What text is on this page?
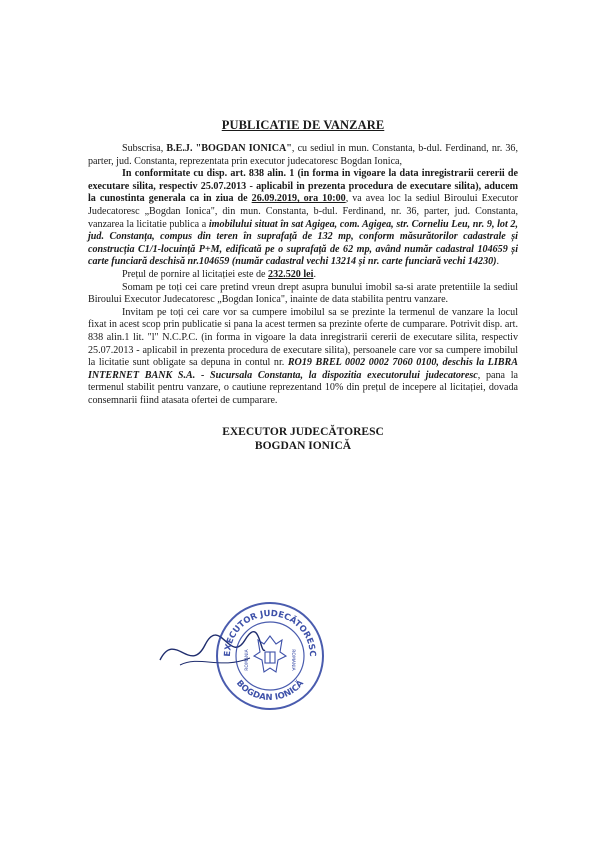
PUBLICATIE DE VANZARE

Subscrisa, B.E.J. "BOGDAN IONICA", cu sediul in mun. Constanta, b-dul. Ferdinand, nr. 36, parter, jud. Constanta, reprezentata prin executor judecatoresc Bogdan Ionica,

In conformitate cu disp. art. 838 alin. 1 (in forma in vigoare la data inregistrarii cererii de executare silita, respectiv 25.07.2013 - aplicabil in prezenta procedura de executare silita), aducem la cunostinta generala ca in ziua de 26.09.2019, ora 10:00, va avea loc la sediul Biroului Executor Judecatoresc „Bogdan Ionica", din mun. Constanta, b-dul. Ferdinand, nr. 36, parter, jud. Constanta, vanzarea la licitatie publica a imobilului situat în sat Agigea, com. Agigea, str. Corneliu Leu, nr. 9, lot 2, jud. Constanța, compus din teren în suprafață de 132 mp, conform măsurătorilor cadastrale și construcția C1/1-locuință P+M, edificată pe o suprafață de 62 mp, având număr cadastral 104659 și carte funciară deschisă nr.104659 (număr cadastral vechi 13214 și nr. carte funciară vechi 14230).

Prețul de pornire al licitației este de 232.520 lei.

Somam pe toți cei care pretind vreun drept asupra bunului imobil sa-si arate pretentiile la sediul Biroului Executor Judecatoresc „Bogdan Ionica", inainte de data stabilita pentru vanzare.

Invitam pe toți cei care vor sa cumpere imobilul sa se prezinte la termenul de vanzare la locul fixat in acest scop prin publicatie si pana la acest termen sa prezinte oferte de cumparare. Potrivit disp. art. 838 alin.1 lit. "l" N.C.P.C. (in forma in vigoare la data inregistrarii cererii de executare silita, respectiv 25.07.2013 - aplicabil in prezenta procedura de executare silita), persoanele care vor sa cumpere imobilul la licitatie sunt obligate sa depuna in contul nr. RO19 BREL 0002 0002 7060 0100, deschis la LIBRA INTERNET BANK S.A. - Sucursala Constanta, la dispozitia executorului judecatoresc, pana la termenul stabilit pentru vanzare, o cautiune reprezentand 10% din prețul de incepere al licitației, dovada consemnarii fiind atasata ofertei de cumparare.

EXECUTOR JUDECĂTORESC
BOGDAN IONICĂ
EXECUTOR JUDECĂTORESC
BOGDAN IONICĂ
ROMANIA	ROMANIA
